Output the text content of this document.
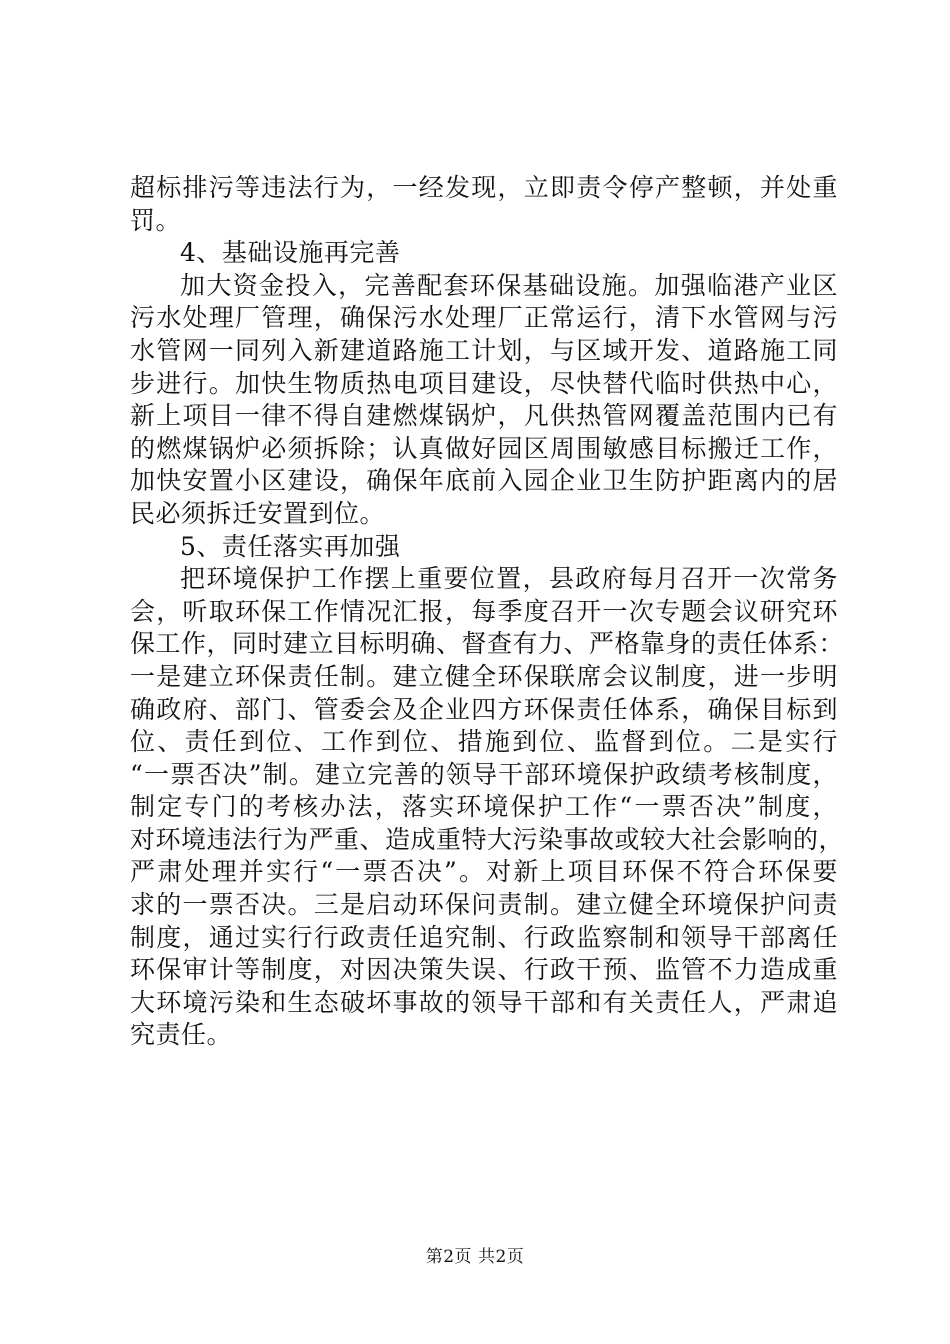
超标排污等违法行为，一经发现，立即责令停产整顿，并处重
罚。
4、基础设施再完善
加大资金投入，完善配套环保基础设施。加强临港产业区
污水处理厂管理，确保污水处理厂正常运行，清下水管网与污
水管网一同列入新建道路施工计划，与区域开发、道路施工同
步进行。加快生物质热电项目建设，尽快替代临时供热中心，
新上项目一律不得自建燃煤锅炉，凡供热管网覆盖范围内已有
的燃煤锅炉必须拆除；认真做好园区周围敏感目标搬迁工作，
加快安置小区建设，确保年底前入园企业卫生防护距离内的居
民必须拆迁安置到位。
5、责任落实再加强
把环境保护工作摆上重要位置，县政府每月召开一次常务
会，听取环保工作情况汇报，每季度召开一次专题会议研究环
保工作，同时建立目标明确、督查有力、严格靠身的责任体系：
一是建立环保责任制。建立健全环保联席会议制度，进一步明
确政府、部门、管委会及企业四方环保责任体系，确保目标到
位、责任到位、工作到位、措施到位、监督到位。二是实行
“一票否决”制。建立完善的领导干部环境保护政绩考核制度，
制定专门的考核办法，落实环境保护工作“一票否决”制度，
对环境违法行为严重、造成重特大污染事故或较大社会影响的，
严肃处理并实行“一票否决”。对新上项目环保不符合环保要
求的一票否决。三是启动环保问责制。建立健全环境保护问责
制度，通过实行行政责任追究制、行政监察制和领导干部离任
环保审计等制度，对因决策失误、行政干预、监管不力造成重
大环境污染和生态破坏事故的领导干部和有关责任人，严肃追
究责任。
第2页 共2页
